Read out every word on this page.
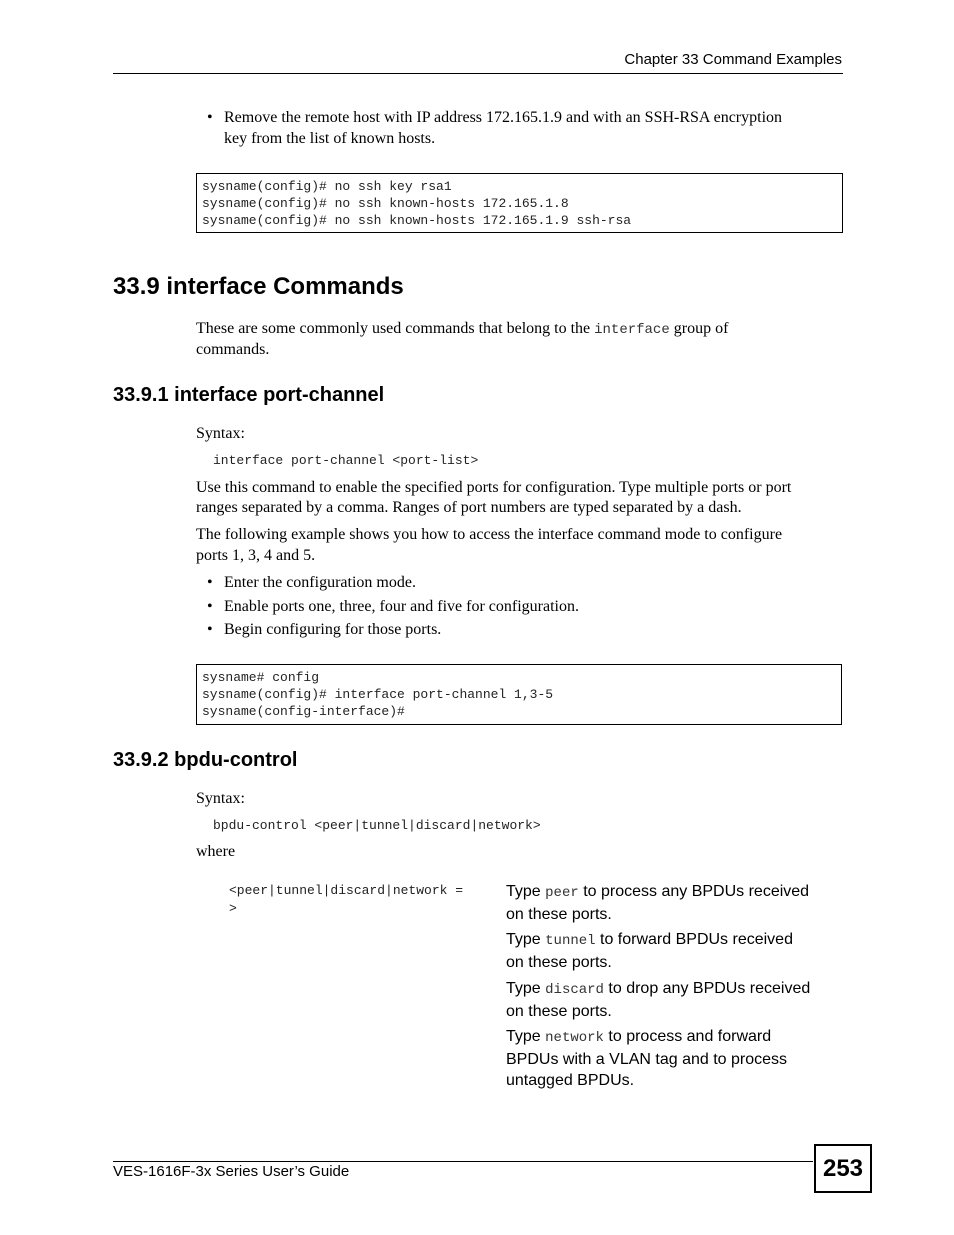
Chapter 33 Command Examples
• Remove the remote host with IP address 172.165.1.9 and with an SSH-RSA encryption
key from the list of known hosts.
sysname(config)# no ssh key rsa1
sysname(config)# no ssh known-hosts 172.165.1.8
sysname(config)# no ssh known-hosts 172.165.1.9 ssh-rsa
33.9 interface Commands
These are some commonly used commands that belong to the interface group of
commands.
33.9.1 interface port-channel
Syntax:
interface port-channel <port-list>
Use this command to enable the specified ports for configuration. Type multiple ports or port
ranges separated by a comma. Ranges of port numbers are typed separated by a dash.
The following example shows you how to access the interface command mode to configure
ports 1, 3, 4 and 5.
• Enter the configuration mode.
• Enable ports one, three, four and five for configuration.
• Begin configuring for those ports.
sysname# config
sysname(config)# interface port-channel 1,3-5
sysname(config-interface)#
33.9.2 bpdu-control
Syntax:
bpdu-control <peer|tunnel|discard|network>
where
<peer|tunnel|discard|network =
>
Type peer to process any BPDUs received
on these ports.
Type tunnel to forward BPDUs received
on these ports.
Type discard to drop any BPDUs received
on these ports.
Type network to process and forward
BPDUs with a VLAN tag and to process
untagged BPDUs.
VES-1616F-3x Series User’s Guide	253
